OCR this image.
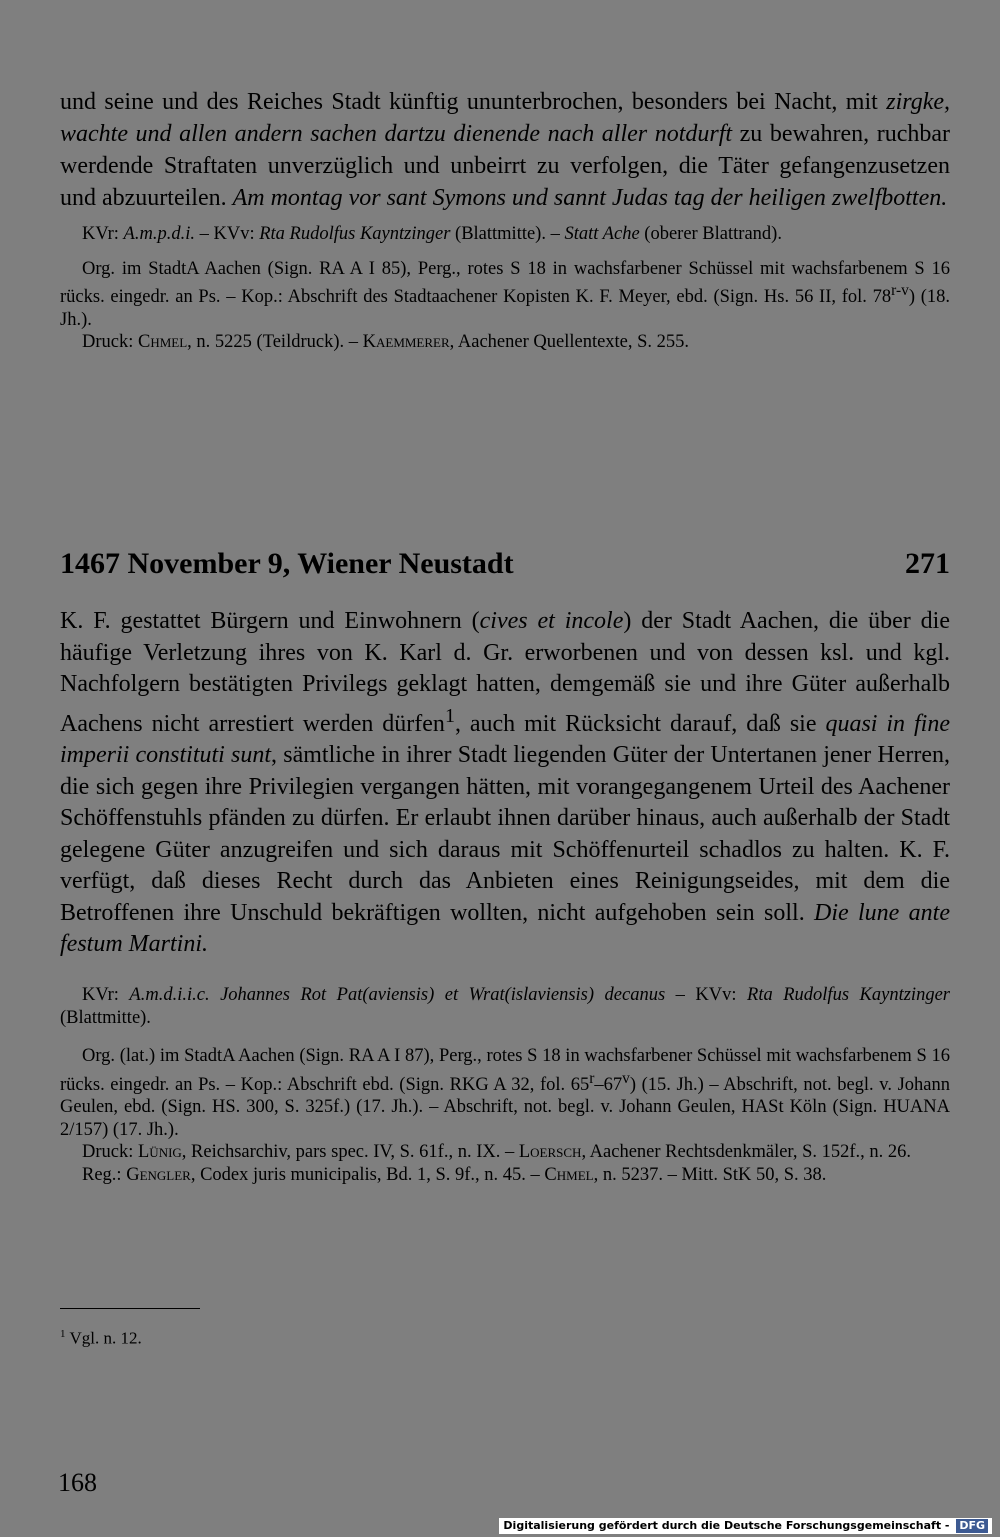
und seine und des Reiches Stadt künftig ununterbrochen, besonders bei Nacht, mit zirgke, wachte und allen andern sachen dartzu dienende nach aller notdurft zu bewahren, ruchbar werdende Straftaten unverzüglich und unbeirrt zu verfolgen, die Täter gefangenzusetzen und abzuurteilen. Am montag vor sant Symons und sannt Judas tag der heiligen zwelfbotten.

KVr: A.m.p.d.i. – KVv: Rta Rudolfus Kayntzinger (Blattmitte). – Statt Ache (oberer Blattrand).

Org. im StadtA Aachen (Sign. RA A I 85), Perg., rotes S 18 in wachsfarbener Schüssel mit wachsfarbenem S 16 rücks. eingedr. an Ps. – Kop.: Abschrift des Stadtaachener Kopisten K. F. Meyer, ebd. (Sign. Hs. 56 II, fol. 78$^{r-v}$) (18. Jh.).

Druck: Chmel, n. 5225 (Teildruck). – Kaemmerer, Aachener Quellentexte, S. 255.

1467 November 9, Wiener Neustadt	271

K. F. gestattet Bürgern und Einwohnern (cives et incole) der Stadt Aachen, die über die häufige Verletzung ihres von K. Karl d. Gr. erworbenen und von dessen ksl. und kgl. Nachfolgern bestätigten Privilegs geklagt hatten, demgemäß sie und ihre Güter außerhalb Aachens nicht arrestiert werden dürfen$^1$, auch mit Rücksicht darauf, daß sie quasi in fine imperii constituti sunt, sämtliche in ihrer Stadt liegenden Güter der Untertanen jener Herren, die sich gegen ihre Privilegien vergangen hätten, mit vorangegangenem Urteil des Aachener Schöffenstuhls pfänden zu dürfen. Er erlaubt ihnen darüber hinaus, auch außerhalb der Stadt gelegene Güter anzugreifen und sich daraus mit Schöffenurteil schadlos zu halten. K. F. verfügt, daß dieses Recht durch das Anbieten eines Reinigungseides, mit dem die Betroffenen ihre Unschuld bekräftigen wollten, nicht aufgehoben sein soll. Die lune ante festum Martini.

KVr: A.m.d.i.i.c. Johannes Rot Pat(aviensis) et Wrat(islaviensis) decanus – KVv: Rta Rudolfus Kayntzinger (Blattmitte).

Org. (lat.) im StadtA Aachen (Sign. RA A I 87), Perg., rotes S 18 in wachsfarbener Schüssel mit wachsfarbenem S 16 rücks. eingedr. an Ps. – Kop.: Abschrift ebd. (Sign. RKG A 32, fol. 65$^r$–67$^v$) (15. Jh.) – Abschrift, not. begl. v. Johann Geulen, ebd. (Sign. HS. 300, S. 325f.) (17. Jh.). – Abschrift, not. begl. v. Johann Geulen, HASt Köln (Sign. HUANA 2/157) (17. Jh.).

Druck: Lünig, Reichsarchiv, pars spec. IV, S. 61f., n. IX. – Loersch, Aachener Rechtsdenkmäler, S. 152f., n. 26.

Reg.: Gengler, Codex juris municipalis, Bd. 1, S. 9f., n. 45. – Chmel, n. 5237. – Mitt. StK 50, S. 38.

$^1$ Vgl. n. 12.
168
Digitalisierung gefördert durch die Deutsche Forschungsgemeinschaft - DFG
